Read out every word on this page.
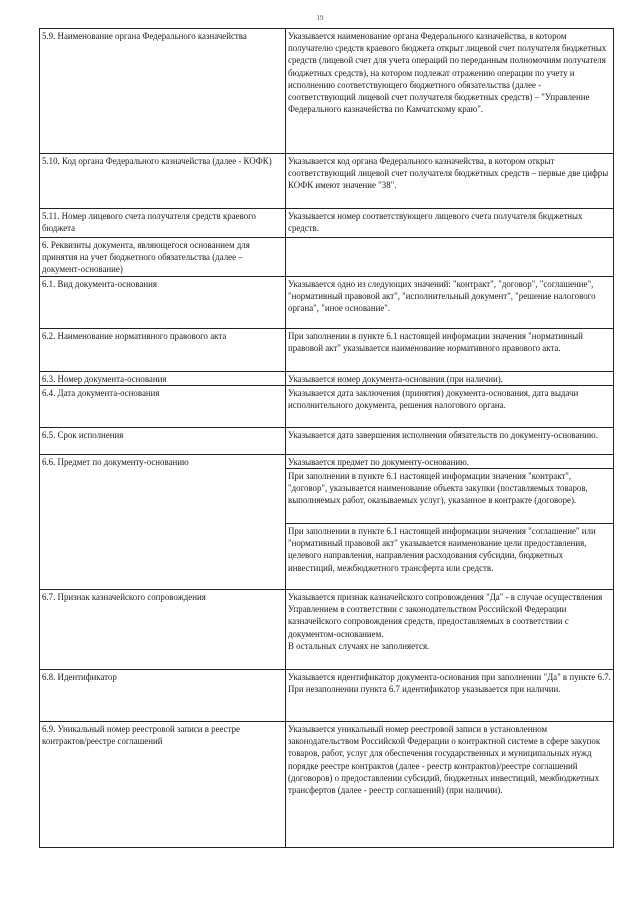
19
5.9. Наименование органа Федерального казначейства	Указывается наименование органа Федерального казначейства, в котором получателю средств краевого бюджета открыт лицевой счет получателя бюджетных средств (лицевой счет для учета операций по переданным полномочиям получателя бюджетных средств), на котором подлежат отражению операции по учету и исполнению соответствующего бюджетного обязательства (далее - соответствующий лицевой счет получателя бюджетных средств) – "Управление Федерального казначейства по Камчатскому краю".
5.10. Код органа Федерального казначейства (далее - КОФК)	Указывается код органа Федерального казначейства, в котором открыт соответствующий лицевой счет получателя бюджетных средств – первые две цифры КОФК имеют значение "38".
5.11. Номер лицевого счета получателя средств краевого бюджета	Указывается номер соответствующего лицевого счета получателя бюджетных средств.
6. Реквизиты документа, являющегося основанием для принятия на учет бюджетного обязательства (далее – документ-основание)	
6.1. Вид документа-основания	Указывается одно из следующих значений: "контракт", "договор", "соглашение", "нормативный правовой акт", "исполнительный документ", "решение налогового органа", "иное основание".
6.2. Наименование нормативного правового акта	При заполнении в пункте 6.1 настоящей информации значения "нормативный правовой акт" указывается наименование нормативного правового акта.
6.3. Номер документа-основания	Указывается номер документа-основания (при наличии).
6.4. Дата документа-основания	Указывается дата заключения (принятия) документа-основания, дата выдачи исполнительного документа, решения налогового органа.
6.5. Срок исполнения	Указывается дата завершения исполнения обязательств по документу-основанию.
6.6. Предмет по документу-основанию	Указывается предмет по документу-основанию.
	При заполнении в пункте 6.1 настоящей информации значения "контракт", "договор", указывается наименование объекта закупки (поставляемых товаров, выполняемых работ, оказываемых услуг), указанное в контракте (договоре).
	При заполнении в пункте 6.1 настоящей информации значения "соглашение" или "нормативный правовой акт" указывается наименование цели предоставления, целевого направления, направления расходования субсидии, бюджетных инвестиций, межбюджетного трансферта или средств.
6.7. Признак казначейского сопровождения	Указывается признак казначейского сопровождения "Да" - в случае осуществления Управлением в соответствии с законодательством Российской Федерации казначейского сопровождения средств, предоставляемых в соответствии с документом-основанием.
В остальных случаях не заполняется.

6.8. Идентификатор	Указывается идентификатор документа-основания при заполнении "Да" в пункте 6.7.
При незаполнении пункта 6.7 идентификатор указывается при наличии.

6.9. Уникальный номер реестровой записи в реестре контрактов/реестре соглашений	Указывается уникальный номер реестровой записи в установленном законодательством Российской Федерации о контрактной системе в сфере закупок товаров, работ, услуг для обеспечения государственных и муниципальных нужд порядке реестре контрактов (далее - реестр контрактов)/реестре соглашений (договоров) о предоставлении субсидий, бюджетных инвестиций, межбюджетных трансфертов (далее - реестр соглашений) (при наличии).
